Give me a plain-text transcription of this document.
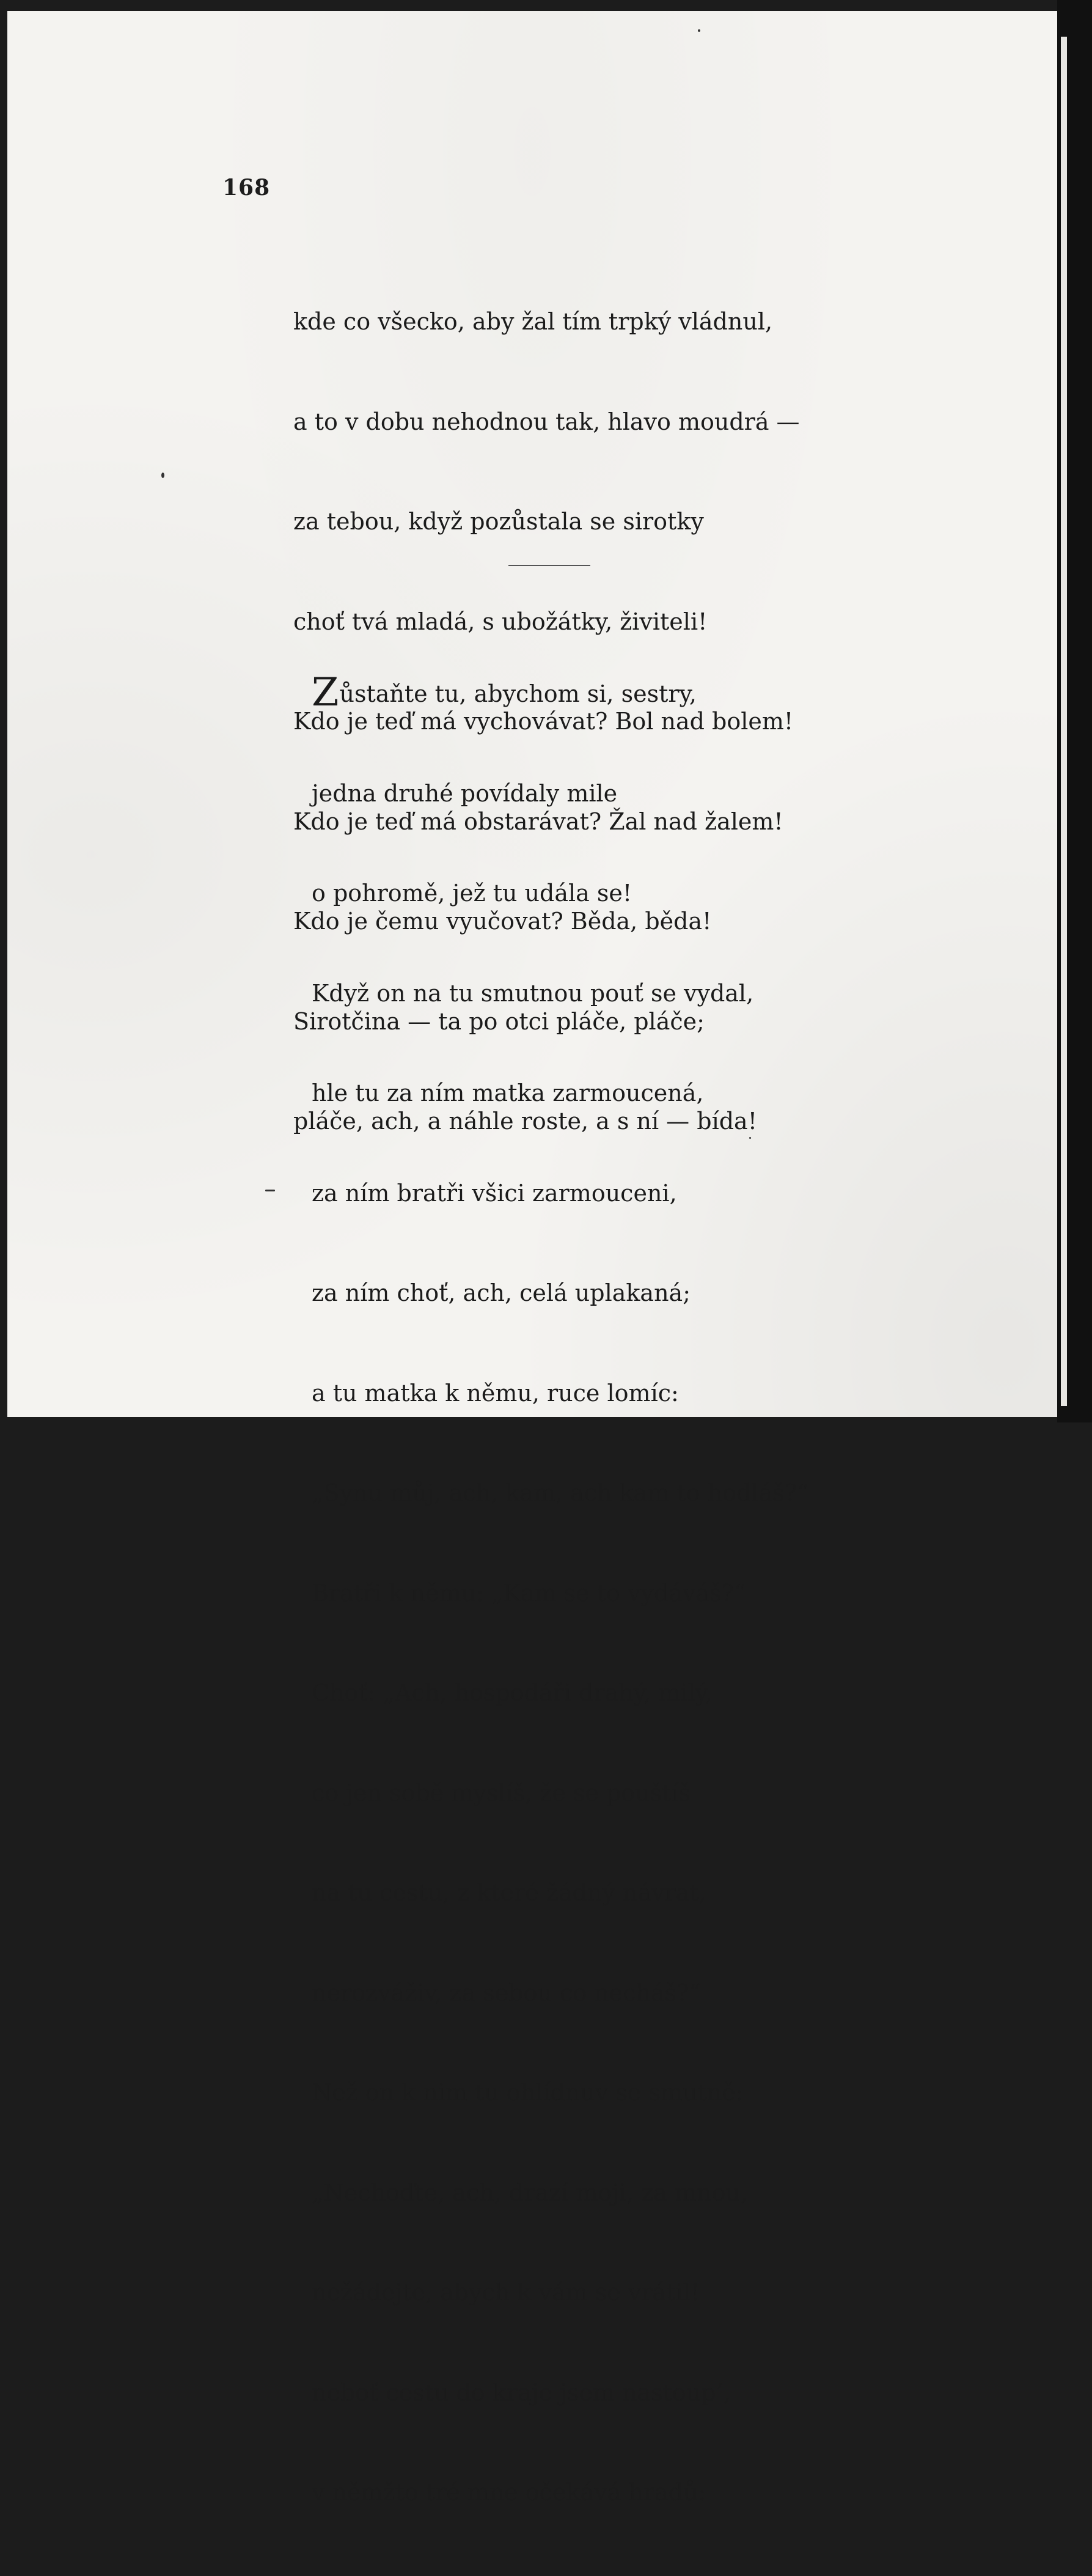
168

kde co všecko, aby žal tím trpký vládnul,

a to v dobu nehodnou tak, hlavo moudrá —

za tebou, když pozůstala se sirotky

choť tvá mladá, s ubožátky, živiteli!

Kdo je teď má vychovávat? Bol nad bolem!

Kdo je teď má obstarávat? Žal nad žalem!

Kdo je čemu vyučovat? Běda, běda!

Sirotčina — ta po otci pláče, pláče;

pláče, ach, a náhle roste, a s ní — bída!

Zůstaňte tu, abychom si, sestry,

jedna druhé povídaly mile

o pohromě, jež tu udála se!

Když on na tu smutnou pouť se vydal,

hle tu za ním matka zarmoucená,

za ním bratři všici zarmouceni,

za ním choť, ach, celá uplakaná;

a tu matka k němu, ruce lomíc:

„Synu můj, ach, kam, ach kam to hodláš?“

Bratři k němu: „Kam se to vydáváš?“

Choť: „Ach, hospodáři drahý, milý,

co jen sobě myslíš, že se pouštíš

na tu cestu, z které žádný návrat,

nerozváživ, za sebou co necháš?“

Než on k nim tu ohlídnuv se smutně:

„Nechoďte, ach, drazí moji, za mnou,

nežádejte, abych k vám se vrátil!

neboť cestu do kraje jsem nastoup’,

v němžto tré mne očekává hradů:
